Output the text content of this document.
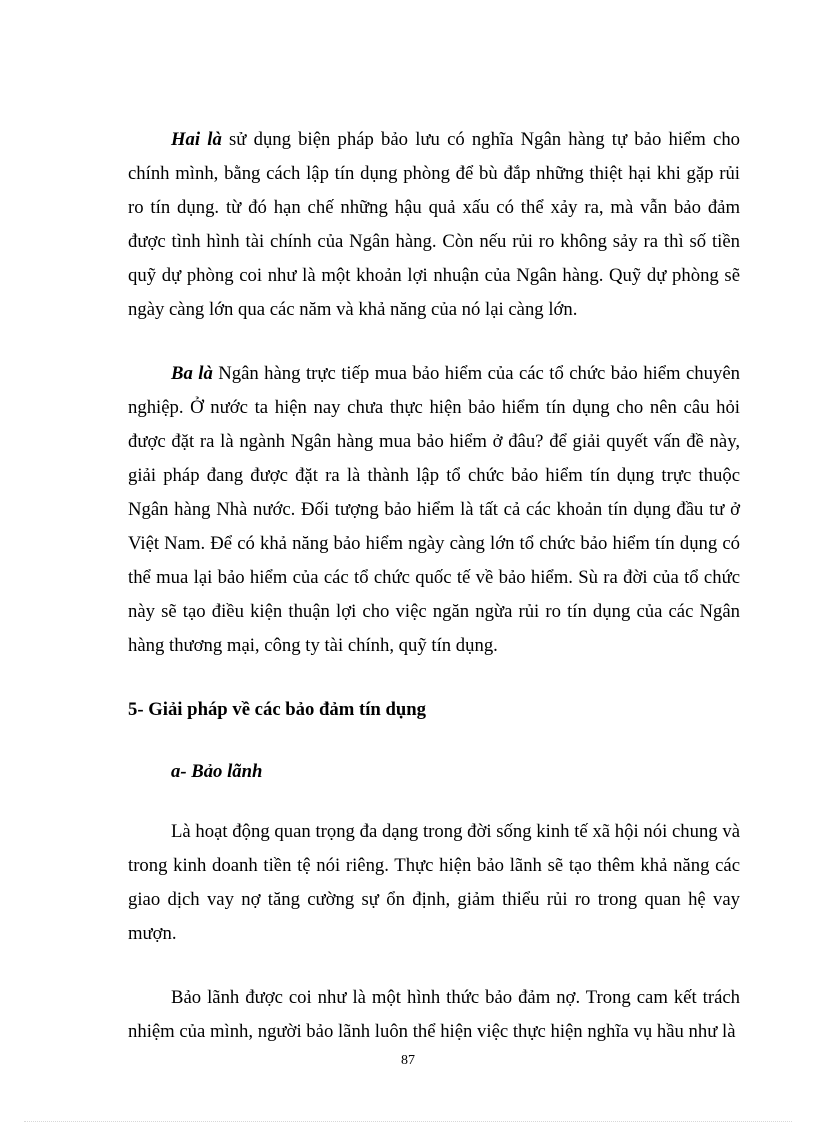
Hai là sử dụng biện pháp bảo lưu có nghĩa Ngân hàng tự bảo hiểm cho chính mình, bằng cách lập tín dụng phòng để bù đắp những thiệt hại khi gặp rủi ro tín dụng. từ đó hạn chế những hậu quả xấu có thể xảy ra, mà vẫn bảo đảm được tình hình tài chính của Ngân hàng. Còn nếu rủi ro không sảy ra thì số tiền quỹ dự phòng coi như là một khoản lợi nhuận của Ngân hàng. Quỹ dự phòng sẽ ngày càng lớn qua các năm và khả năng của nó lại càng lớn.

Ba là Ngân hàng trực tiếp mua bảo hiểm của các tổ chức bảo hiểm chuyên nghiệp. Ở nước ta hiện nay chưa thực hiện bảo hiểm tín dụng cho nên câu hỏi được đặt ra là ngành Ngân hàng mua bảo hiểm ở đâu? để giải quyết vấn đề này, giải pháp đang được đặt ra là thành lập tổ chức bảo hiểm tín dụng trực thuộc Ngân hàng Nhà nước. Đối tượng bảo hiểm là tất cả các khoản tín dụng đầu tư ở Việt Nam. Để có khả năng bảo hiểm ngày càng lớn tổ chức bảo hiểm tín dụng có thể mua lại bảo hiểm của các tổ chức quốc tế về bảo hiểm. Sù ra đời của tổ chức này sẽ tạo điều kiện thuận lợi cho việc ngăn ngừa rủi ro tín dụng của các Ngân hàng thương mại, công ty tài chính, quỹ tín dụng.

5- Giải pháp về các bảo đảm tín dụng

a- Bảo lãnh

Là hoạt động quan trọng đa dạng trong đời sống kinh tế xã hội nói chung và trong kinh doanh tiền tệ nói riêng. Thực hiện bảo lãnh sẽ tạo thêm khả năng các giao dịch vay nợ tăng cường sự ổn định, giảm thiểu rủi ro trong quan hệ vay mượn.

Bảo lãnh được coi như là một hình thức bảo đảm nợ. Trong cam kết trách nhiệm của mình, người bảo lãnh luôn thể hiện việc thực hiện nghĩa vụ hầu như là

87
